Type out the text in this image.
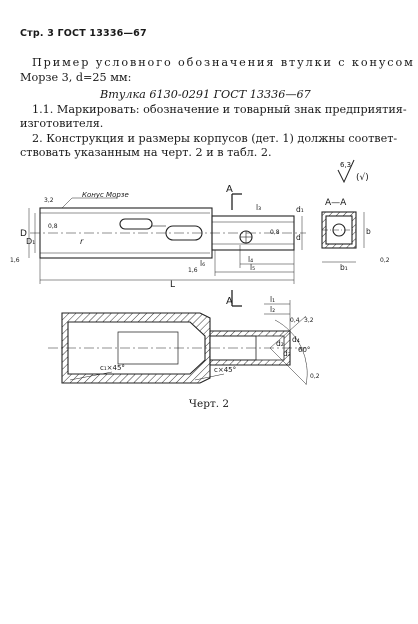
Стр. 3 ГОСТ 13336—67
Пример условного обозначения втулки с конусом
Морзе 3, d=25 мм:
Втулка 6130-0291 ГОСТ 13336—67
1.1. Маркировать: обозначение и товарный знак предприятия-
изготовителя.
2. Конструкция и размеры корпусов (дет. 1) должны соответ-
ствовать указанным на черт. 2 и в табл. 2.
6,3
(√)
Конус Морзе	А
А
А—А
D
D₁	r
L
l₄
l₅
l₆
d
d₁
l₃
b
b₁
l₁
l₂
d₂
d₃
d₄
60°
c₁×45°	c×45°
3,2
1,6
0,8
0,8
1,6
3,2
0,4
0,2
0,2
Черт. 2
